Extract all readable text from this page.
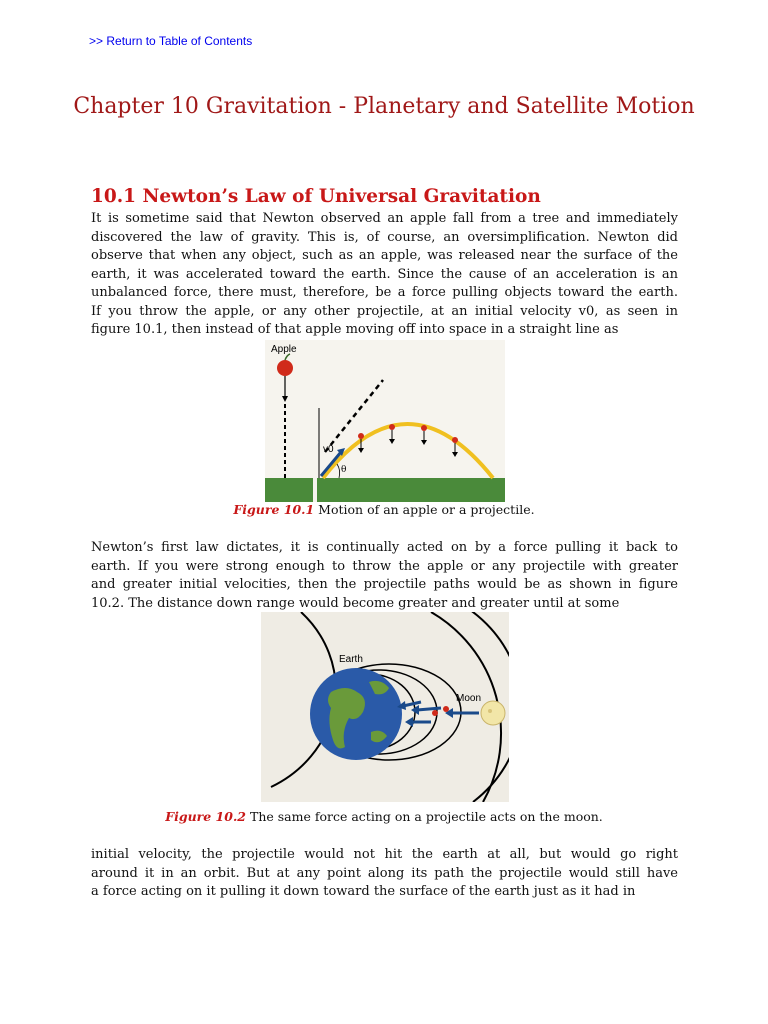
>> Return to Table of Contents
Chapter 10 Gravitation - Planetary and Satellite Motion
10.1 Newton’s Law of Universal Gravitation
It is sometime said that Newton observed an apple fall from a tree and immediately
discovered the law of gravity. This is, of course, an oversimplification. Newton did
observe that when any object, such as an apple, was released near the surface of the
earth, it was accelerated toward the earth. Since the cause of an acceleration is an
unbalanced force, there must, therefore, be a force pulling objects toward the earth.
If you throw the apple, or any other projectile, at an initial velocity v0, as seen in
figure 10.1, then instead of that apple moving off into space in a straight line as
Apple
v0
θ

Figure 10.1 Motion of an apple or a projectile.

Newton’s first law dictates, it is continually acted on by a force pulling it back to
earth. If you were strong enough to throw the apple or any projectile with greater
and greater initial velocities, then the projectile paths would be as shown in figure
10.2. The distance down range would become greater and greater until at some
Earth
Moon

Figure 10.2 The same force acting on a projectile acts on the moon.

initial velocity, the projectile would not hit the earth at all, but would go right
around it in an orbit. But at any point along its path the projectile would still have
a force acting on it pulling it down toward the surface of the earth just as it had in
